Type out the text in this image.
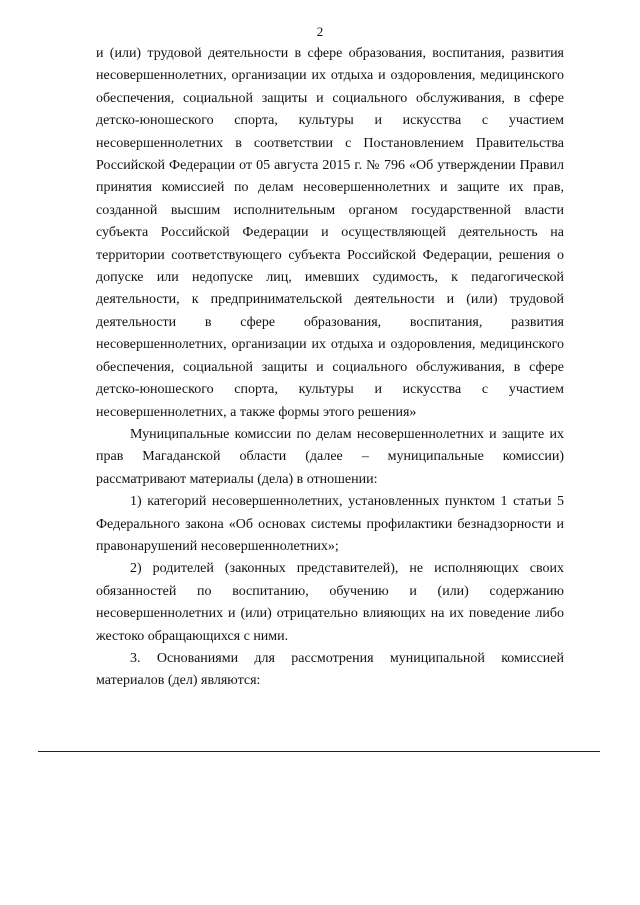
2

и (или) трудовой деятельности в сфере образования, воспитания, развития несовершеннолетних, организации их отдыха и оздоровления, медицинского обеспечения, социальной защиты и социального обслуживания, в сфере детско-юношеского спорта, культуры и искусства с участием несовершеннолетних в соответствии с Постановлением Правительства Российской Федерации от 05 августа 2015 г. № 796 «Об утверждении Правил принятия комиссией по делам несовершеннолетних и защите их прав, созданной высшим исполнительным органом государственной власти субъекта Российской Федерации и осуществляющей деятельность на территории соответствующего субъекта Российской Федерации, решения о допуске или недопуске лиц, имевших судимость, к педагогической деятельности, к предпринимательской деятельности и (или) трудовой деятельности в сфере образования, воспитания, развития несовершеннолетних, организации их отдыха и оздоровления, медицинского обеспечения, социальной защиты и социального обслуживания, в сфере детско-юношеского спорта, культуры и искусства с участием несовершеннолетних, а также формы этого решения»

Муниципальные комиссии по делам несовершеннолетних и защите их прав Магаданской области (далее – муниципальные комиссии) рассматривают материалы (дела) в отношении:

1) категорий несовершеннолетних, установленных пунктом 1 статьи 5 Федерального закона «Об основах системы профилактики безнадзорности и правонарушений несовершеннолетних»;

2) родителей (законных представителей), не исполняющих своих обязанностей по воспитанию, обучению и (или) содержанию несовершеннолетних и (или) отрицательно влияющих на их поведение либо жестоко обращающихся с ними.

3. Основаниями для рассмотрения муниципальной комиссией материалов (дел) являются:
